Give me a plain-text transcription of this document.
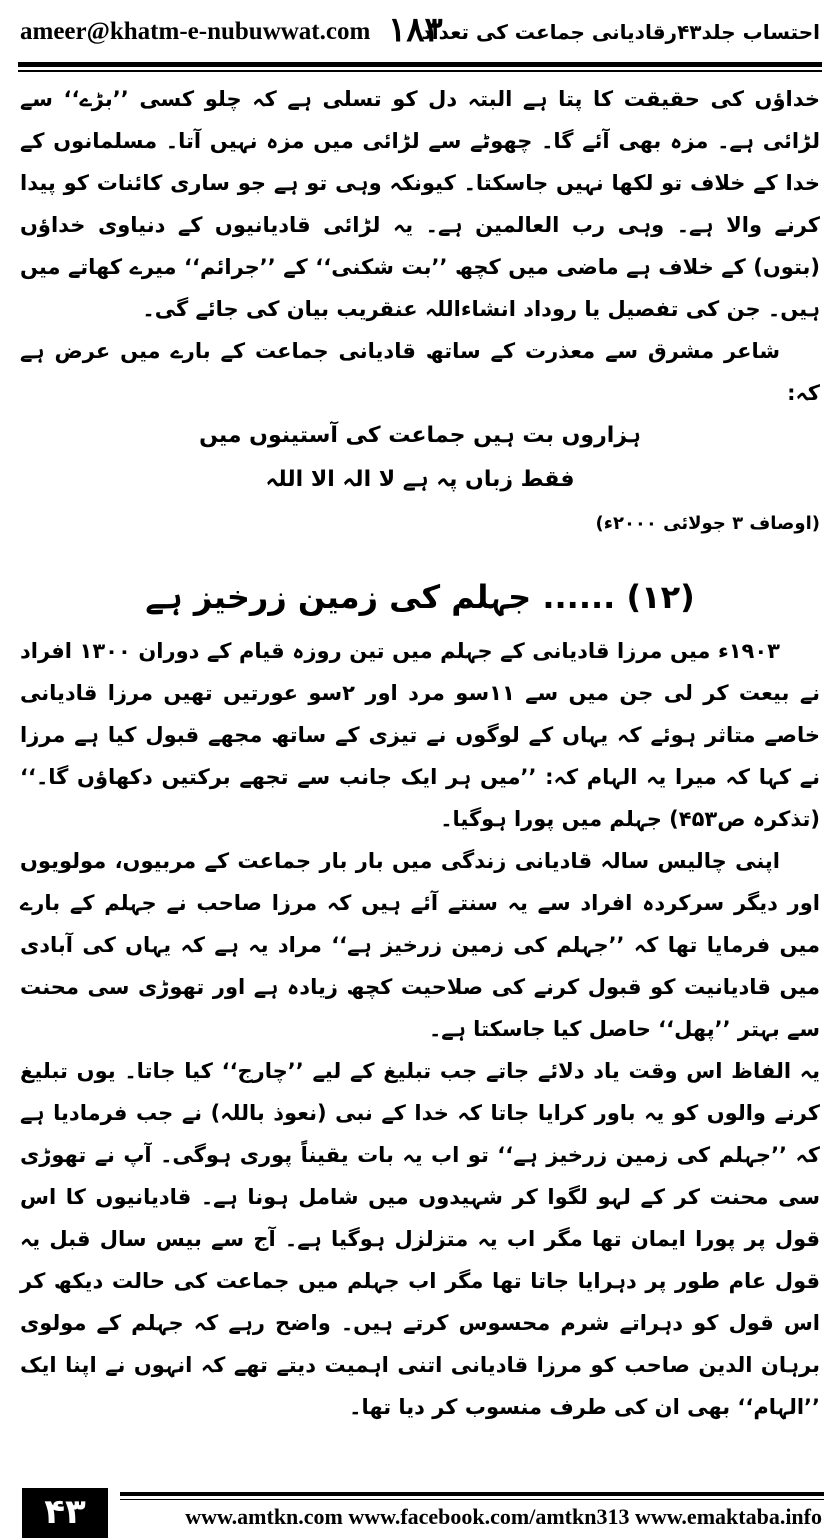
ameer@khatm-e-nubuwwat.com ۱۸۳
احتساب جلد۴۳رقادیانی جماعت کی تعداد

خداؤں کی حقیقت کا پتا ہے البتہ دل کو تسلی ہے کہ چلو کسی ’’بڑے‘‘ سے لڑائی ہے۔ مزہ بھی آئے گا۔ چھوٹے سے لڑائی میں مزہ نہیں آتا۔ مسلمانوں کے خدا کے خلاف تو لکھا نہیں جاسکتا۔ کیونکہ وہی تو ہے جو ساری کائنات کو پیدا کرنے والا ہے۔ وہی رب العالمین ہے۔ یہ لڑائی قادیانیوں کے دنیاوی خداؤں (بتوں) کے خلاف ہے ماضی میں کچھ ’’بت شکنی‘‘ کے ’’جرائم‘‘ میرے کھاتے میں ہیں۔ جن کی تفصیل یا روداد انشاءاللہ عنقریب بیان کی جائے گی۔

شاعر مشرق سے معذرت کے ساتھ قادیانی جماعت کے بارے میں عرض ہے کہ:

ہزاروں بت ہیں جماعت کی آستینوں میں

فقط زباں پہ ہے لا الہ الا اللہ

(اوصاف ۳ جولائی ۲۰۰۰ء)

(۱۲) ...... جہلم کی زمین زرخیز ہے

۱۹۰۳ء میں مرزا قادیانی کے جہلم میں تین روزہ قیام کے دوران ۱۳۰۰ افراد نے بیعت کر لی جن میں سے ۱۱سو مرد اور ۲سو عورتیں تھیں مرزا قادیانی خاصے متاثر ہوئے کہ یہاں کے لوگوں نے تیزی کے ساتھ مجھے قبول کیا ہے مرزا نے کہا کہ میرا یہ الہام کہ: ’’میں ہر ایک جانب سے تجھے برکتیں دکھاؤں گا۔‘‘ (تذکرہ ص۴۵۳) جہلم میں پورا ہوگیا۔

اپنی چالیس سالہ قادیانی زندگی میں بار بار جماعت کے مربیوں، مولویوں اور دیگر سرکردہ افراد سے یہ سنتے آئے ہیں کہ مرزا صاحب نے جہلم کے بارے میں فرمایا تھا کہ ’’جہلم کی زمین زرخیز ہے‘‘ مراد یہ ہے کہ یہاں کی آبادی میں قادیانیت کو قبول کرنے کی صلاحیت کچھ زیادہ ہے اور تھوڑی سی محنت سے بہتر ’’پھل‘‘ حاصل کیا جاسکتا ہے۔

یہ الفاظ اس وقت یاد دلائے جاتے جب تبلیغ کے لیے ’’چارج‘‘ کیا جاتا۔ یوں تبلیغ کرنے والوں کو یہ باور کرایا جاتا کہ خدا کے نبی (نعوذ باللہ) نے جب فرمادیا ہے کہ ’’جہلم کی زمین زرخیز ہے‘‘ تو اب یہ بات یقیناً پوری ہوگی۔ آپ نے تھوڑی سی محنت کر کے لہو لگوا کر شہیدوں میں شامل ہونا ہے۔ قادیانیوں کا اس قول پر پورا ایمان تھا مگر اب یہ متزلزل ہوگیا ہے۔ آج سے بیس سال قبل یہ قول عام طور پر دہرایا جاتا تھا مگر اب جہلم میں جماعت کی حالت دیکھ کر اس قول کو دہراتے شرم محسوس کرتے ہیں۔ واضح رہے کہ جہلم کے مولوی برہان الدین صاحب کو مرزا قادیانی اتنی اہمیت دیتے تھے کہ انہوں نے اپنا ایک ’’الہام‘‘ بھی ان کی طرف منسوب کر دیا تھا۔

۴۳	www.amtkn.com www.facebook.com/amtkn313 www.emaktaba.info
